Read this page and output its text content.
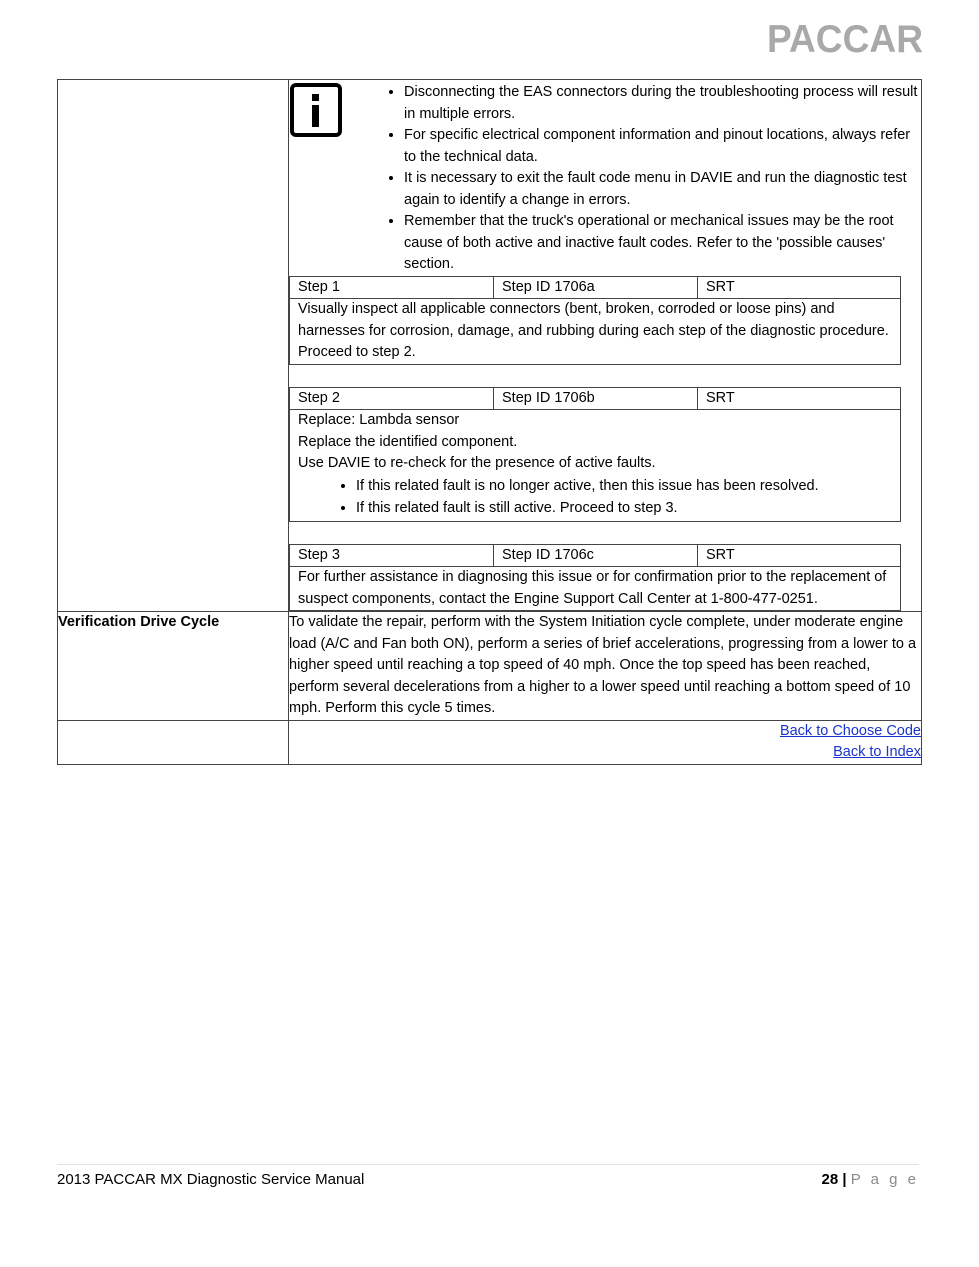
PACCAR

• Disconnecting the EAS connectors during the troubleshooting process will result in multiple errors.
• For specific electrical component information and pinout locations, always refer to the technical data.
• It is necessary to exit the fault code menu in DAVIE and run the diagnostic test again to identify a change in errors.
• Remember that the truck's operational or mechanical issues may be the root cause of both active and inactive fault codes. Refer to the 'possible causes' section.
Step 1	Step ID 1706a	SRT

Visually inspect all applicable connectors (bent, broken, corroded or loose pins) and harnesses for corrosion, damage, and rubbing during each step of the diagnostic procedure. Proceed to step 2.

Step 2	Step ID 1706b	SRT

Replace: Lambda sensor

Replace the identified component.

Use DAVIE to re-check for the presence of active faults.

• If this related fault is no longer active, then this issue has been resolved.
• If this related fault is still active. Proceed to step 3.
Step 3	Step ID 1706c	SRT

For further assistance in diagnosing this issue or for confirmation prior to the replacement of suspect components, contact the Engine Support Call Center at 1-800-477-0251.

Verification Drive Cycle	To validate the repair, perform with the System Initiation cycle complete, under moderate engine load (A/C and Fan both ON), perform a series of brief accelerations, progressing from a lower to a higher speed until reaching a top speed of 40 mph. Once the top speed has been reached, perform several decelerations from a higher to a lower speed until reaching a bottom speed of 10 mph. Perform this cycle 5 times.
	Back to Choose Code
Back to Index
2013 PACCAR MX Diagnostic Service Manual	28 | P a g e
